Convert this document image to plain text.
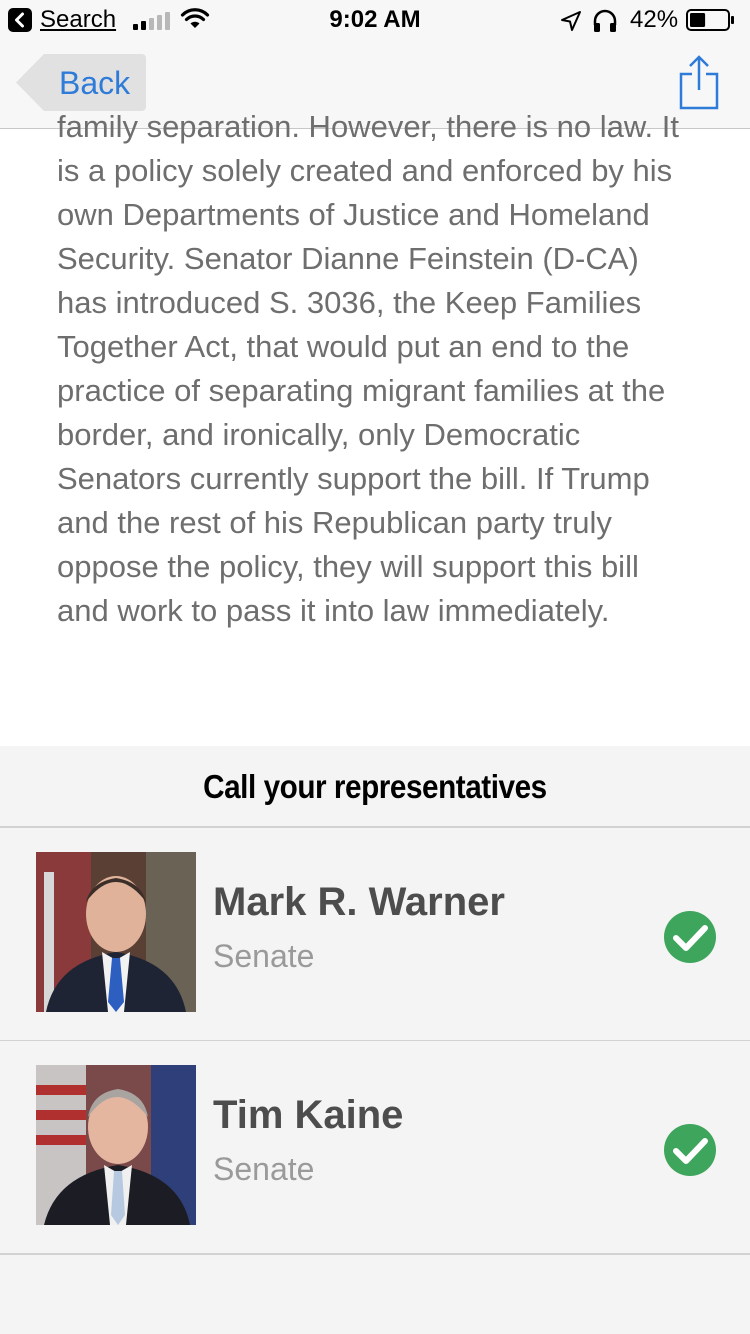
Search	9:02 AM	42%
Back

family separation. However, there is no law. It is a policy solely created and enforced by his own Departments of Justice and Homeland Security. Senator Dianne Feinstein (D-CA) has introduced S. 3036, the Keep Families Together Act, that would put an end to the practice of separating migrant families at the border, and ironically, only Democratic Senators currently support the bill. If Trump and the rest of his Republican party truly oppose the policy, they will support this bill and work to pass it into law immediately.

Call your representatives
Mark R. Warner
Senate
Tim Kaine
Senate
